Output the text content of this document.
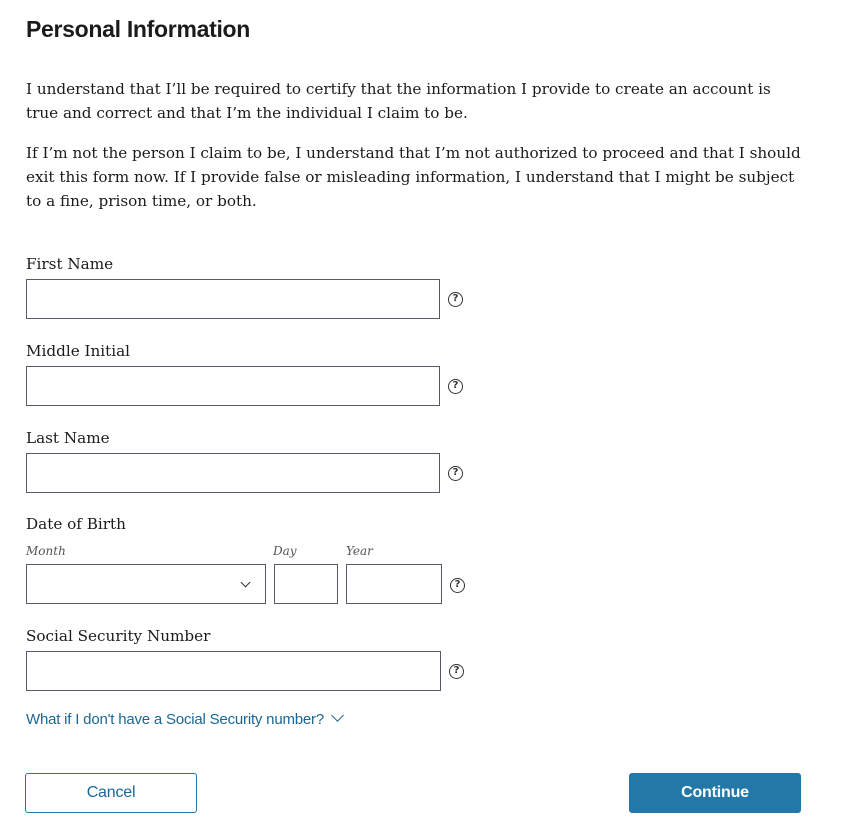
Personal Information

I understand that I’ll be required to certify that the information I provide to create an account is true and correct and that I’m the individual I claim to be.

If I’m not the person I claim to be, I understand that I’m not authorized to proceed and that I should exit this form now. If I provide false or misleading information, I understand that I might be subject to a fine, prison time, or both.

First Name
?
Middle Initial
?
Last Name
?
Date of Birth
Month	Day	Year
?
Social Security Number
?
What if I don't have a Social Security number?
Cancel	Continue
